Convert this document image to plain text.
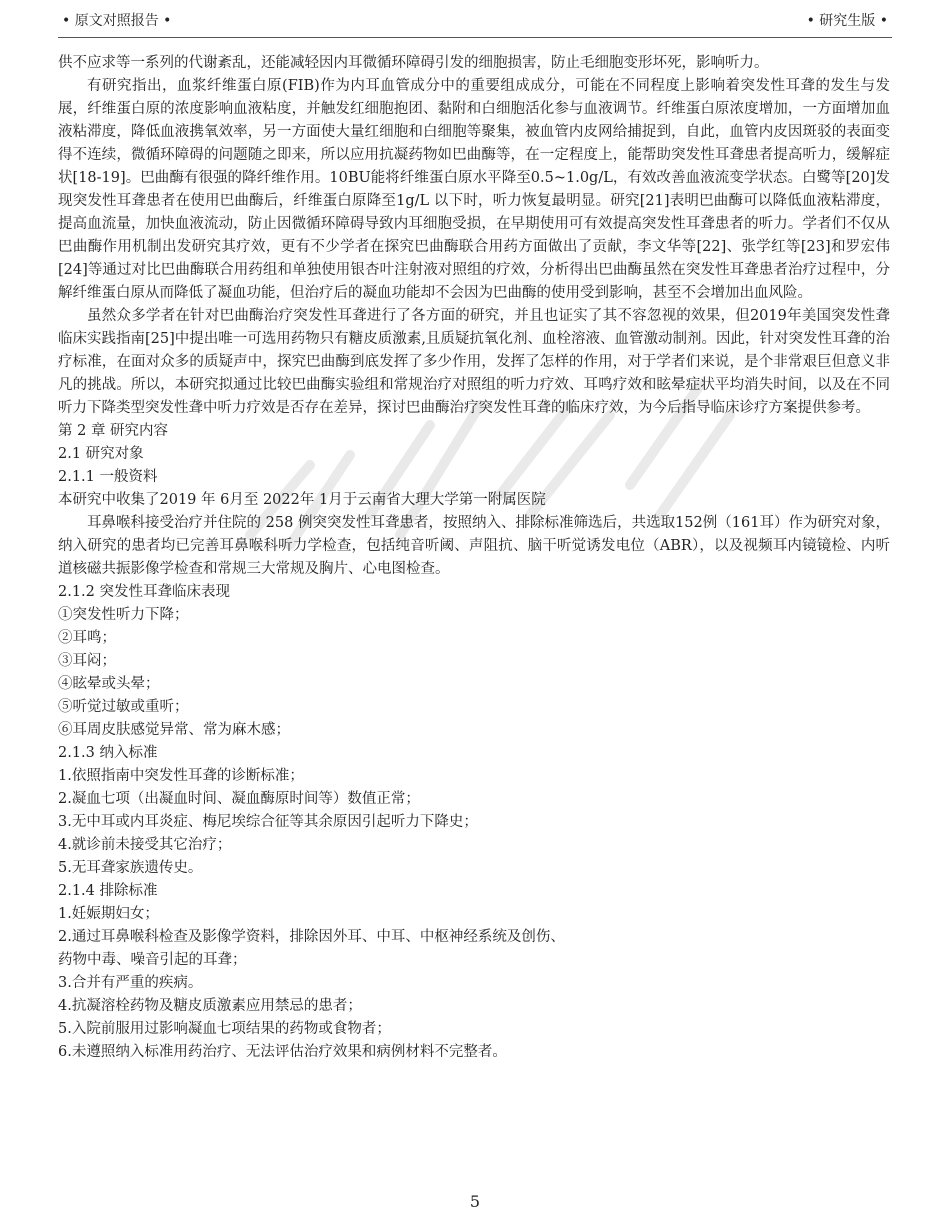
• 原文对照报告 •	• 研究生版 •

供不应求等一系列的代谢紊乱，还能减轻因内耳微循环障碍引发的细胞损害，防止毛细胞变形坏死，影响听力。

有研究指出，血浆纤维蛋白原(FIB)作为内耳血管成分中的重要组成成分，可能在不同程度上影响着突发性耳聋的发生与发展，纤维蛋白原的浓度影响血液粘度，并触发红细胞抱团、黏附和白细胞活化参与血液调节。纤维蛋白原浓度增加，一方面增加血液粘滞度，降低血液携氧效率，另一方面使大量红细胞和白细胞等聚集，被血管内皮网给捕捉到，自此，血管内皮因斑驳的表面变得不连续，微循环障碍的问题随之即来，所以应用抗凝药物如巴曲酶等，在一定程度上，能帮助突发性耳聋患者提高听力，缓解症状[18-19]。巴曲酶有很强的降纤维作用。10BU能将纤维蛋白原水平降至0.5~1.0g/L，有效改善血液流变学状态。白鹭等[20]发现突发性耳聋患者在使用巴曲酶后，纤维蛋白原降至1g/L 以下时，听力恢复最明显。研究[21]表明巴曲酶可以降低血液粘滞度，提高血流量，加快血液流动，防止因微循环障碍导致内耳细胞受损，在早期使用可有效提高突发性耳聋患者的听力。学者们不仅从巴曲酶作用机制出发研究其疗效，更有不少学者在探究巴曲酶联合用药方面做出了贡献，李文华等[22]、张学红等[23]和罗宏伟[24]等通过对比巴曲酶联合用药组和单独使用银杏叶注射液对照组的疗效，分析得出巴曲酶虽然在突发性耳聋患者治疗过程中，分解纤维蛋白原从而降低了凝血功能，但治疗后的凝血功能却不会因为巴曲酶的使用受到影响，甚至不会增加出血风险。

虽然众多学者在针对巴曲酶治疗突发性耳聋进行了各方面的研究，并且也证实了其不容忽视的效果，但2019年美国突发性聋临床实践指南[25]中提出唯一可选用药物只有糖皮质激素,且质疑抗氧化剂、血栓溶液、血管激动制剂。因此，针对突发性耳聋的治疗标准，在面对众多的质疑声中，探究巴曲酶到底发挥了多少作用，发挥了怎样的作用，对于学者们来说，是个非常艰巨但意义非凡的挑战。所以，本研究拟通过比较巴曲酶实验组和常规治疗对照组的听力疗效、耳鸣疗效和眩晕症状平均消失时间，以及在不同听力下降类型突发性聋中听力疗效是否存在差异，探讨巴曲酶治疗突发性耳聋的临床疗效，为今后指导临床诊疗方案提供参考。

第 2 章 研究内容

2.1 研究对象

2.1.1 一般资料

本研究中收集了2019 年 6月至 2022年 1月于云南省大理大学第一附属医院

耳鼻喉科接受治疗并住院的 258 例突突发性耳聋患者，按照纳入、排除标准筛选后，共选取152例（161耳）作为研究对象，纳入研究的患者均已完善耳鼻喉科听力学检查，包括纯音听阈、声阻抗、脑干听觉诱发电位（ABR），以及视频耳内镜镜检、内听道核磁共振影像学检查和常规三大常规及胸片、心电图检查。

2.1.2 突发性耳聋临床表现

①突发性听力下降；

②耳鸣；

③耳闷；

④眩晕或头晕；

⑤听觉过敏或重听；

⑥耳周皮肤感觉异常、常为麻木感；

2.1.3 纳入标准

1.依照指南中突发性耳聋的诊断标准；

2.凝血七项（出凝血时间、凝血酶原时间等）数值正常；

3.无中耳或内耳炎症、梅尼埃综合征等其余原因引起听力下降史；

4.就诊前未接受其它治疗；

5.无耳聋家族遗传史。

2.1.4 排除标准

1.妊娠期妇女；

2.通过耳鼻喉科检查及影像学资料，排除因外耳、中耳、中枢神经系统及创伤、

药物中毒、噪音引起的耳聋；

3.合并有严重的疾病。

4.抗凝溶栓药物及糖皮质激素应用禁忌的患者；

5.入院前服用过影响凝血七项结果的药物或食物者；

6.未遵照纳入标准用药治疗、无法评估治疗效果和病例材料不完整者。

5
